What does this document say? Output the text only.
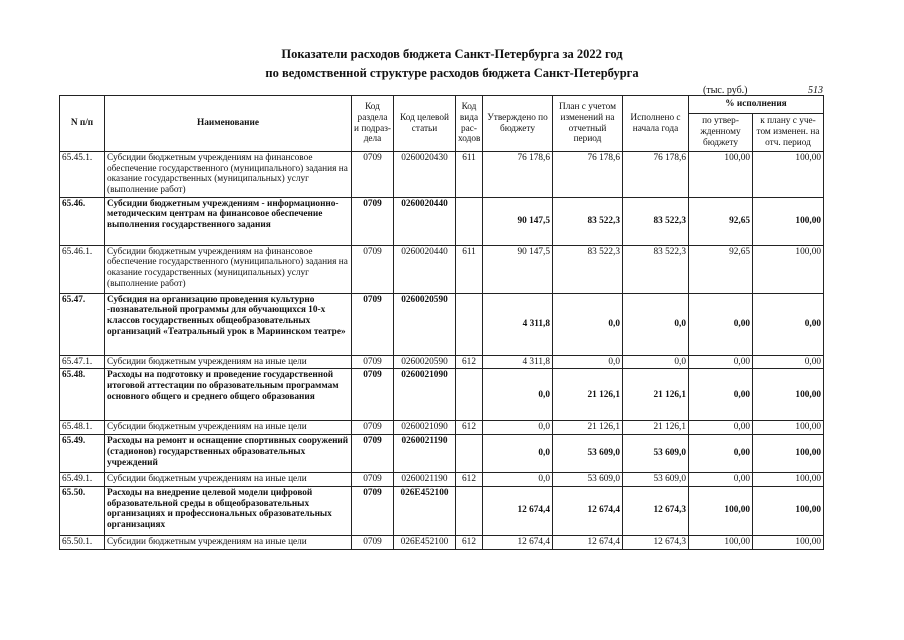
Показатели расходов бюджета Санкт-Петербурга за 2022 год
по ведомственной структуре расходов бюджета Санкт-Петербурга
(тыс. руб.)	513
N п/п	Наименование	Код раздела и подраз- дела	Код целевой статьи	Код вида рас- ходов	Утверждено по бюджету	План с учетом изменений на отчетный период	Исполнено с начала года	% исполнения	
								по утвер- жденному бюджету	к плану с уче- том изменен. на отч. период
65.45.1.	Субсидии бюджетным учреждениям на финансовое обеспечение государственного (муниципального) задания на оказание государственных (муниципальных) услуг (выполнение работ)	0709	0260020430	611	76 178,6	76 178,6	76 178,6	100,00	100,00
65.46.	Субсидии бюджетным учреждениям - информационно-методическим центрам на финансовое обеспечение выполнения государственного задания	0709	0260020440		90 147,5	83 522,3	83 522,3	92,65	100,00
65.46.1.	Субсидии бюджетным учреждениям на финансовое обеспечение государственного (муниципального) задания на оказание государственных (муниципальных) услуг (выполнение работ)	0709	0260020440	611	90 147,5	83 522,3	83 522,3	92,65	100,00
65.47.	Субсидия на организацию проведения культурно -познавательной программы для обучающихся 10-х классов государственных общеобразовательных организаций «Театральный урок в Мариинском театре»	0709	0260020590		4 311,8	0,0	0,0	0,00	0,00
65.47.1.	Субсидии бюджетным учреждениям на иные цели	0709	0260020590	612	4 311,8	0,0	0,0	0,00	0,00
65.48.	Расходы на подготовку и проведение государственной итоговой аттестации по образовательным программам основного общего и среднего общего образования	0709	0260021090		0,0	21 126,1	21 126,1	0,00	100,00
65.48.1.	Субсидии бюджетным учреждениям на иные цели	0709	0260021090	612	0,0	21 126,1	21 126,1	0,00	100,00
65.49.	Расходы на ремонт и оснащение спортивных сооружений (стадионов) государственных образовательных учреждений	0709	0260021190		0,0	53 609,0	53 609,0	0,00	100,00
65.49.1.	Субсидии бюджетным учреждениям на иные цели	0709	0260021190	612	0,0	53 609,0	53 609,0	0,00	100,00
65.50.	Расходы на внедрение целевой модели цифровой образовательной среды в общеобразовательных организациях и профессиональных образовательных организациях	0709	026E452100		12 674,4	12 674,4	12 674,3	100,00	100,00
65.50.1.	Субсидии бюджетным учреждениям на иные цели	0709	026E452100	612	12 674,4	12 674,4	12 674,3	100,00	100,00
